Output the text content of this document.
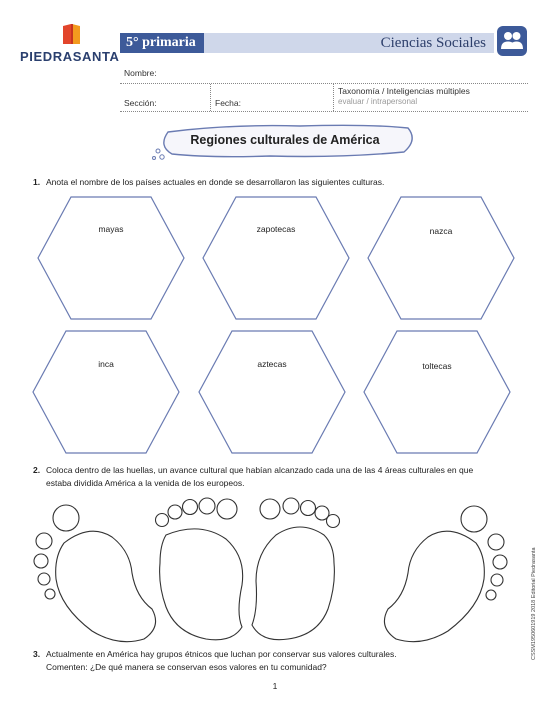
PIEDRASANTA
5° primaria	Ciencias Sociales
Nombre:
Sección:	Fecha:
Taxonomía / Inteligencias múltiples
evaluar / intrapersonal
Regiones culturales de América
1. Anota el nombre de los países actuales en donde se desarrollaron las siguientes culturas.
mayas	zapotecas	nazca
inca	aztecas	toltecas
2. Coloca dentro de las huellas, un avance cultural que habían alcanzado cada una de las 4 áreas culturales en que
estaba dividida América a la venida de los europeos.
3. Actualmente en América hay grupos étnicos que luchan por conservar sus valores culturales.
Comenten: ¿De qué manera se conservan esos valores en tu comunidad?
CSSM1950601919 2018 Editorial Piedrasanta
1
